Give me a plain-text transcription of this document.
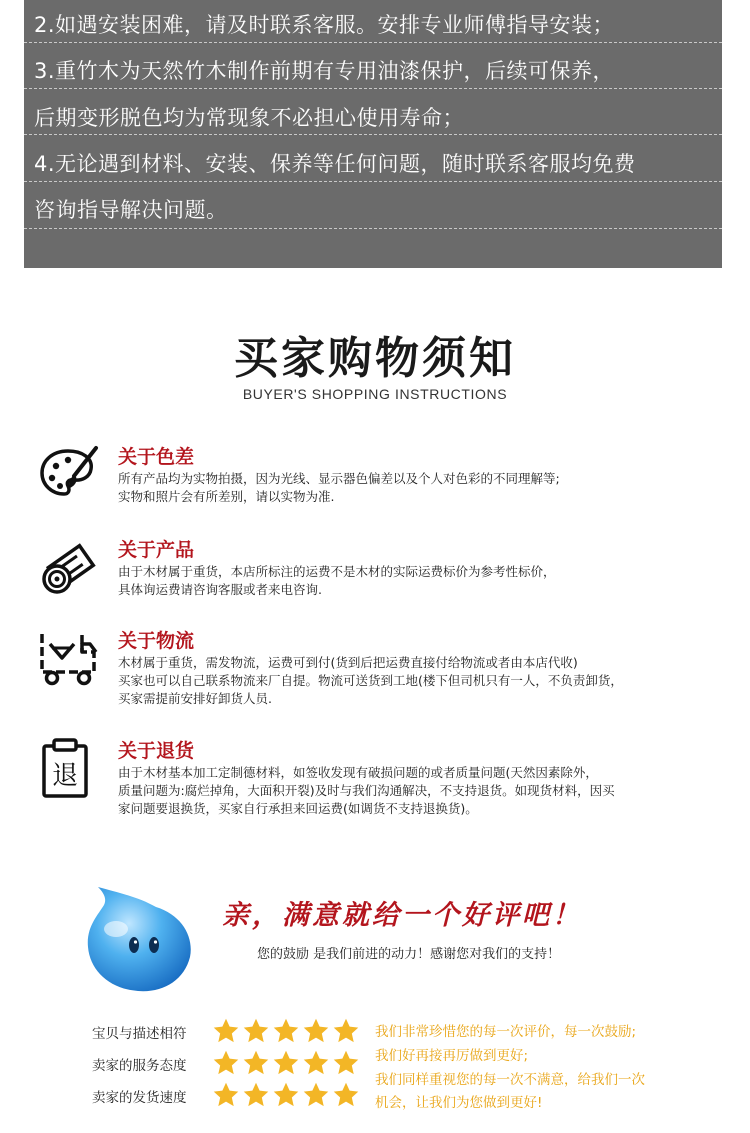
2.如遇安装困难，请及时联系客服。安排专业师傅指导安装；
3.重竹木为天然竹木制作前期有专用油漆保护，后续可保养，
后期变形脱色均为常现象不必担心使用寿命；
4.无论遇到材料、安装、保养等任何问题，随时联系客服均免费
咨询指导解决问题。
买家购物须知
BUYER'S SHOPPING INSTRUCTIONS
关于色差
所有产品均为实物拍摄，因为光线、显示器色偏差以及个人对色彩的不同理解等;
实物和照片会有所差别，请以实物为准.
关于产品
由于木材属于重货，本店所标注的运费不是木材的实际运费标价为参考性标价，
具体询运费请咨询客服或者来电咨询.
关于物流
木材属于重货，需发物流，运费可到付(货到后把运费直接付给物流或者由本店代收)
买家也可以自己联系物流来厂自提。物流可送货到工地(楼下但司机只有一人，不负责卸货，
买家需提前安排好卸货人员.
退
关于退货
由于木材基本加工定制德材料，如签收发现有破损问题的或者质量问题(天然因素除外，
质量问题为:腐烂掉角，大面积开裂)及时与我们沟通解决，不支持退货。如现货材料，因买
家问题要退换货，买家自行承担来回运费(如调货不支持退换货)。
亲，满意就给一个好评吧！
您的鼓励 是我们前进的动力！感谢您对我们的支持！
宝贝与描述相符
卖家的服务态度
卖家的发货速度
我们非常珍惜您的每一次评价，每一次鼓励;
我们好再接再厉做到更好;
我们同样重视您的每一次不满意，给我们一次
机会，让我们为您做到更好!
